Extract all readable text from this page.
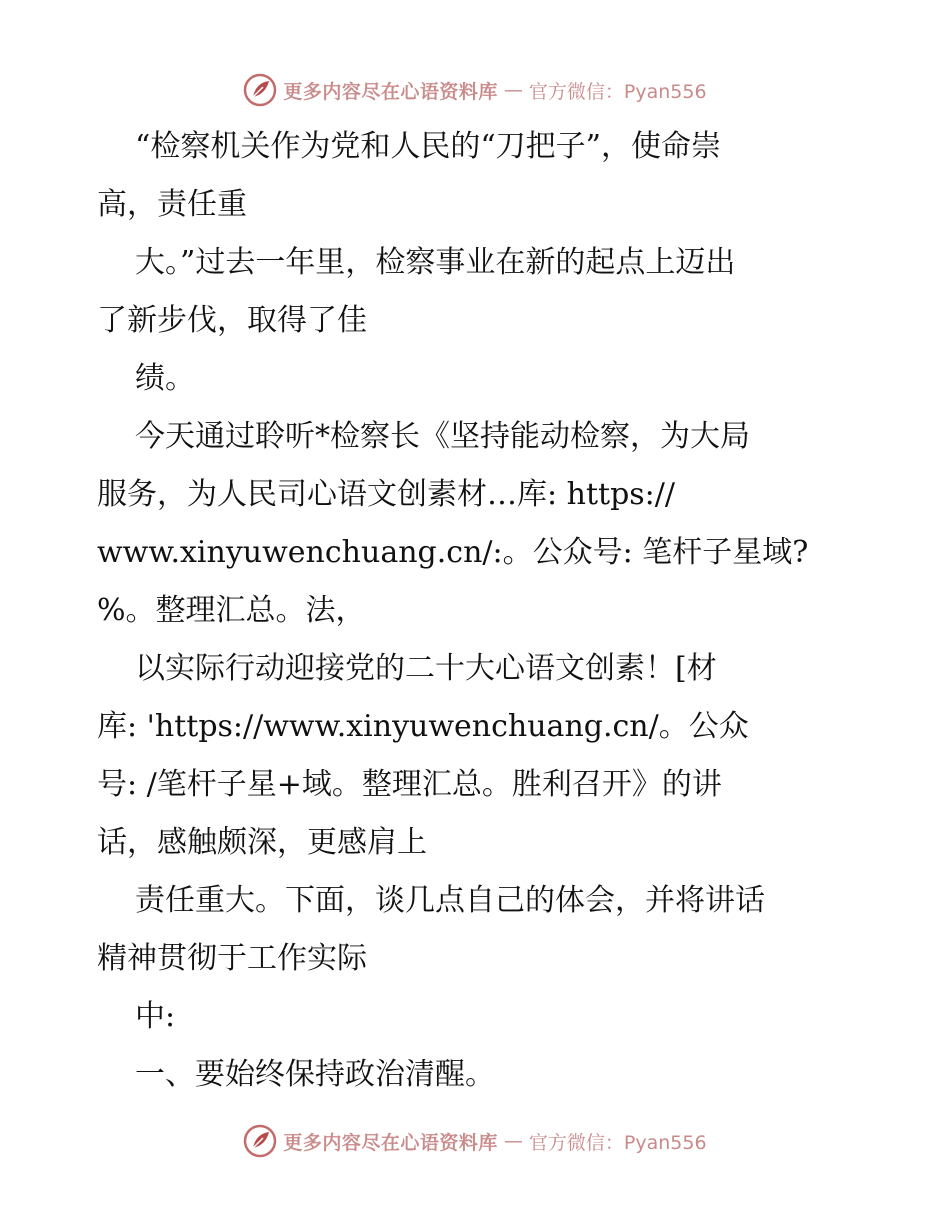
更多内容尽在心语资料库 — 官方微信：Pyan556
“检察机关作为党和人民的“刀把子”，使命崇
高，责任重
大。”过去一年里，检察事业在新的起点上迈出
了新步伐，取得了佳
绩。
今天通过聆听*检察长《坚持能动检察，为大局
服务，为人民司心语文创素材…库: https://
www.xinyuwenchuang.cn/:。公众号: 笔杆子星域?
%。整理汇总。法，
以实际行动迎接党的二十大心语文创素！[材
库: 'https://www.xinyuwenchuang.cn/。公众
号: /笔杆子星+域。整理汇总。胜利召开》的讲
话，感触颇深，更感肩上
责任重大。下面，谈几点自己的体会，并将讲话
精神贯彻于工作实际
中:
一、要始终保持政治清醒。
更多内容尽在心语资料库 — 官方微信：Pyan556
